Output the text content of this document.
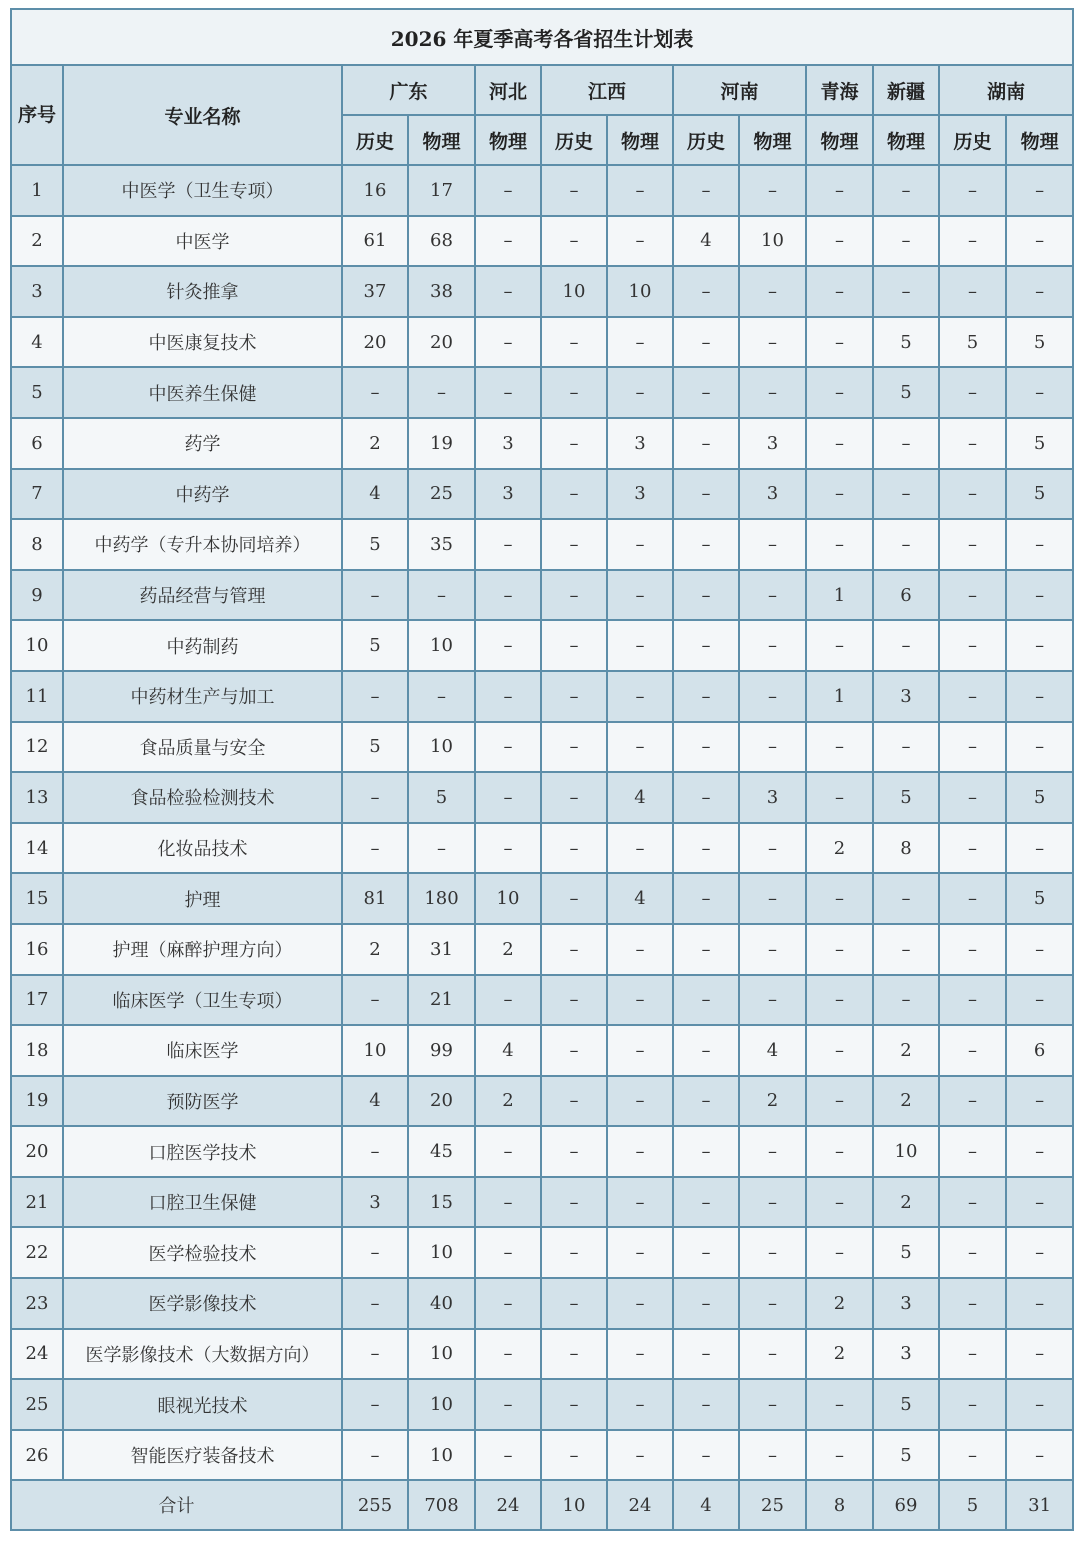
2026 年夏季高考各省招生计划表												
序号	专业名称	广东		河北	江西		河南		青海	新疆	湖南	
		历史	物理	物理	历史	物理	历史	物理	物理	物理	历史	物理
1	中医学（卫生专项）	16	17	–	–	–	–	–	–	–	–	–
2	中医学	61	68	–	–	–	4	10	–	–	–	–
3	针灸推拿	37	38	–	10	10	–	–	–	–	–	–
4	中医康复技术	20	20	–	–	–	–	–	–	5	5	5
5	中医养生保健	–	–	–	–	–	–	–	–	5	–	–
6	药学	2	19	3	–	3	–	3	–	–	–	5
7	中药学	4	25	3	–	3	–	3	–	–	–	5
8	中药学（专升本协同培养）	5	35	–	–	–	–	–	–	–	–	–
9	药品经营与管理	–	–	–	–	–	–	–	1	6	–	–
10	中药制药	5	10	–	–	–	–	–	–	–	–	–
11	中药材生产与加工	–	–	–	–	–	–	–	1	3	–	–
12	食品质量与安全	5	10	–	–	–	–	–	–	–	–	–
13	食品检验检测技术	–	5	–	–	4	–	3	–	5	–	5
14	化妆品技术	–	–	–	–	–	–	–	2	8	–	–
15	护理	81	180	10	–	4	–	–	–	–	–	5
16	护理（麻醉护理方向）	2	31	2	–	–	–	–	–	–	–	–
17	临床医学（卫生专项）	–	21	–	–	–	–	–	–	–	–	–
18	临床医学	10	99	4	–	–	–	4	–	2	–	6
19	预防医学	4	20	2	–	–	–	2	–	2	–	–
20	口腔医学技术	–	45	–	–	–	–	–	–	10	–	–
21	口腔卫生保健	3	15	–	–	–	–	–	–	2	–	–
22	医学检验技术	–	10	–	–	–	–	–	–	5	–	–
23	医学影像技术	–	40	–	–	–	–	–	2	3	–	–
24	医学影像技术（大数据方向）	–	10	–	–	–	–	–	2	3	–	–
25	眼视光技术	–	10	–	–	–	–	–	–	5	–	–
26	智能医疗装备技术	–	10	–	–	–	–	–	–	5	–	–
合计		255	708	24	10	24	4	25	8	69	5	31
